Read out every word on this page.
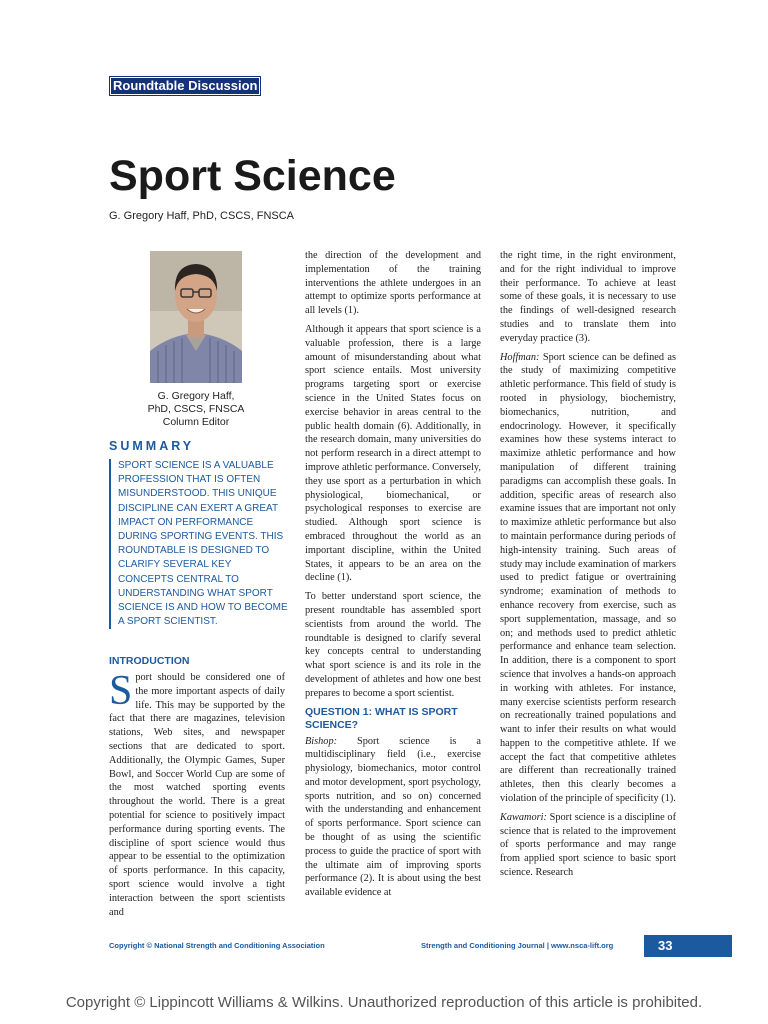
Roundtable Discussion
Sport Science

G. Gregory Haff, PhD, CSCS, FNSCA

G. Gregory Haff,
PhD, CSCS, FNSCA
Column Editor

SUMMARY

SPORT SCIENCE IS A VALUABLE PROFESSION THAT IS OFTEN MISUNDERSTOOD. THIS UNIQUE DISCIPLINE CAN EXERT A GREAT IMPACT ON PERFORMANCE DURING SPORTING EVENTS. THIS ROUNDTABLE IS DESIGNED TO CLARIFY SEVERAL KEY CONCEPTS CENTRAL TO UNDERSTANDING WHAT SPORT SCIENCE IS AND HOW TO BECOME A SPORT SCIENTIST.

INTRODUCTION

Sport should be considered one of the more important aspects of daily life. This may be supported by the fact that there are magazines, television stations, Web sites, and newspaper sections that are dedicated to sport. Additionally, the Olympic Games, Super Bowl, and Soccer World Cup are some of the most watched sporting events throughout the world. There is a great potential for science to positively impact performance during sporting events. The discipline of sport science would thus appear to be essential to the optimization of sports performance. In this capacity, sport science would involve a tight interaction between the sport scientists and

the direction of the development and implementation of the training interventions the athlete undergoes in an attempt to optimize sports performance at all levels (1).

Although it appears that sport science is a valuable profession, there is a large amount of misunderstanding about what sport science entails. Most university programs targeting sport or exercise science in the United States focus on exercise behavior in areas central to the public health domain (6). Additionally, in the research domain, many universities do not perform research in a direct attempt to improve athletic performance. Conversely, they use sport as a perturbation in which physiological, biomechanical, or psychological responses to exercise are studied. Although sport science is embraced throughout the world as an important discipline, within the United States, it appears to be an area on the decline (1).

To better understand sport science, the present roundtable has assembled sport scientists from around the world. The roundtable is designed to clarify several key concepts central to understanding what sport science is and its role in the development of athletes and how one best prepares to become a sport scientist.

QUESTION 1: WHAT IS SPORT SCIENCE?

Bishop: Sport science is a multidisciplinary field (i.e., exercise physiology, biomechanics, motor control and motor development, sport psychology, sports nutrition, and so on) concerned with the understanding and enhancement of sports performance. Sport science can be thought of as using the scientific process to guide the practice of sport with the ultimate aim of improving sports performance (2). It is about using the best available evidence at

the right time, in the right environment, and for the right individual to improve their performance. To achieve at least some of these goals, it is necessary to use the findings of well-designed research studies and to translate them into everyday practice (3).

Hoffman: Sport science can be defined as the study of maximizing competitive athletic performance. This field of study is rooted in physiology, biochemistry, biomechanics, nutrition, and endocrinology. However, it specifically examines how these systems interact to maximize athletic performance and how manipulation of different training paradigms can accomplish these goals. In addition, specific areas of research also examine issues that are important not only to maximize athletic performance but also to maintain performance during periods of high-intensity training. Such areas of study may include examination of markers used to predict fatigue or overtraining syndrome; examination of methods to enhance recovery from exercise, such as sport supplementation, massage, and so on; and methods used to predict athletic performance and enhance team selection. In addition, there is a component to sport science that involves a hands-on approach in working with athletes. For instance, many exercise scientists perform research on recreationally trained populations and want to infer their results on what would happen to the competitive athlete. If we accept the fact that competitive athletes are different than recreationally trained athletes, then this clearly becomes a violation of the principle of specificity (1).

Kawamori: Sport science is a discipline of science that is related to the improvement of sports performance and may range from applied sport science to basic sport science. Research

Copyright © National Strength and Conditioning Association	Strength and Conditioning Journal | www.nsca-lift.org	33

Copyright © Lippincott Williams & Wilkins. Unauthorized reproduction of this article is prohibited.
